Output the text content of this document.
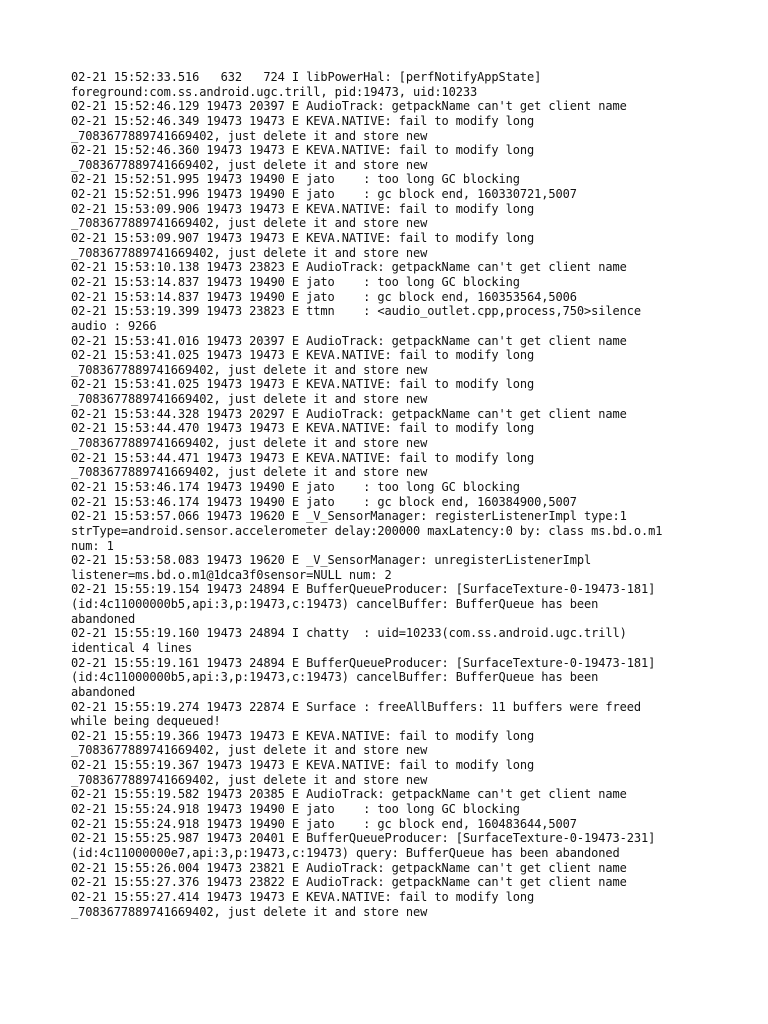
02-21 15:52:33.516   632   724 I libPowerHal: [perfNotifyAppState]
foreground:com.ss.android.ugc.trill, pid:19473, uid:10233
02-21 15:52:46.129 19473 20397 E AudioTrack: getpackName can't get client name
02-21 15:52:46.349 19473 19473 E KEVA.NATIVE: fail to modify long
_7083677889741669402, just delete it and store new
02-21 15:52:46.360 19473 19473 E KEVA.NATIVE: fail to modify long
_7083677889741669402, just delete it and store new
02-21 15:52:51.995 19473 19490 E jato    : too long GC blocking
02-21 15:52:51.996 19473 19490 E jato    : gc block end, 160330721,5007
02-21 15:53:09.906 19473 19473 E KEVA.NATIVE: fail to modify long
_7083677889741669402, just delete it and store new
02-21 15:53:09.907 19473 19473 E KEVA.NATIVE: fail to modify long
_7083677889741669402, just delete it and store new
02-21 15:53:10.138 19473 23823 E AudioTrack: getpackName can't get client name
02-21 15:53:14.837 19473 19490 E jato    : too long GC blocking
02-21 15:53:14.837 19473 19490 E jato    : gc block end, 160353564,5006
02-21 15:53:19.399 19473 23823 E ttmn    : <audio_outlet.cpp,process,750>silence
audio : 9266
02-21 15:53:41.016 19473 20397 E AudioTrack: getpackName can't get client name
02-21 15:53:41.025 19473 19473 E KEVA.NATIVE: fail to modify long
_7083677889741669402, just delete it and store new
02-21 15:53:41.025 19473 19473 E KEVA.NATIVE: fail to modify long
_7083677889741669402, just delete it and store new
02-21 15:53:44.328 19473 20297 E AudioTrack: getpackName can't get client name
02-21 15:53:44.470 19473 19473 E KEVA.NATIVE: fail to modify long
_7083677889741669402, just delete it and store new
02-21 15:53:44.471 19473 19473 E KEVA.NATIVE: fail to modify long
_7083677889741669402, just delete it and store new
02-21 15:53:46.174 19473 19490 E jato    : too long GC blocking
02-21 15:53:46.174 19473 19490 E jato    : gc block end, 160384900,5007
02-21 15:53:57.066 19473 19620 E _V_SensorManager: registerListenerImpl type:1
strType=android.sensor.accelerometer delay:200000 maxLatency:0 by: class ms.bd.o.m1
num: 1
02-21 15:53:58.083 19473 19620 E _V_SensorManager: unregisterListenerImpl
listener=ms.bd.o.m1@1dca3f0sensor=NULL num: 2
02-21 15:55:19.154 19473 24894 E BufferQueueProducer: [SurfaceTexture-0-19473-181]
(id:4c11000000b5,api:3,p:19473,c:19473) cancelBuffer: BufferQueue has been
abandoned
02-21 15:55:19.160 19473 24894 I chatty  : uid=10233(com.ss.android.ugc.trill)
identical 4 lines
02-21 15:55:19.161 19473 24894 E BufferQueueProducer: [SurfaceTexture-0-19473-181]
(id:4c11000000b5,api:3,p:19473,c:19473) cancelBuffer: BufferQueue has been
abandoned
02-21 15:55:19.274 19473 22874 E Surface : freeAllBuffers: 11 buffers were freed
while being dequeued!
02-21 15:55:19.366 19473 19473 E KEVA.NATIVE: fail to modify long
_7083677889741669402, just delete it and store new
02-21 15:55:19.367 19473 19473 E KEVA.NATIVE: fail to modify long
_7083677889741669402, just delete it and store new
02-21 15:55:19.582 19473 20385 E AudioTrack: getpackName can't get client name
02-21 15:55:24.918 19473 19490 E jato    : too long GC blocking
02-21 15:55:24.918 19473 19490 E jato    : gc block end, 160483644,5007
02-21 15:55:25.987 19473 20401 E BufferQueueProducer: [SurfaceTexture-0-19473-231]
(id:4c11000000e7,api:3,p:19473,c:19473) query: BufferQueue has been abandoned
02-21 15:55:26.004 19473 23821 E AudioTrack: getpackName can't get client name
02-21 15:55:27.376 19473 23822 E AudioTrack: getpackName can't get client name
02-21 15:55:27.414 19473 19473 E KEVA.NATIVE: fail to modify long
_7083677889741669402, just delete it and store new
